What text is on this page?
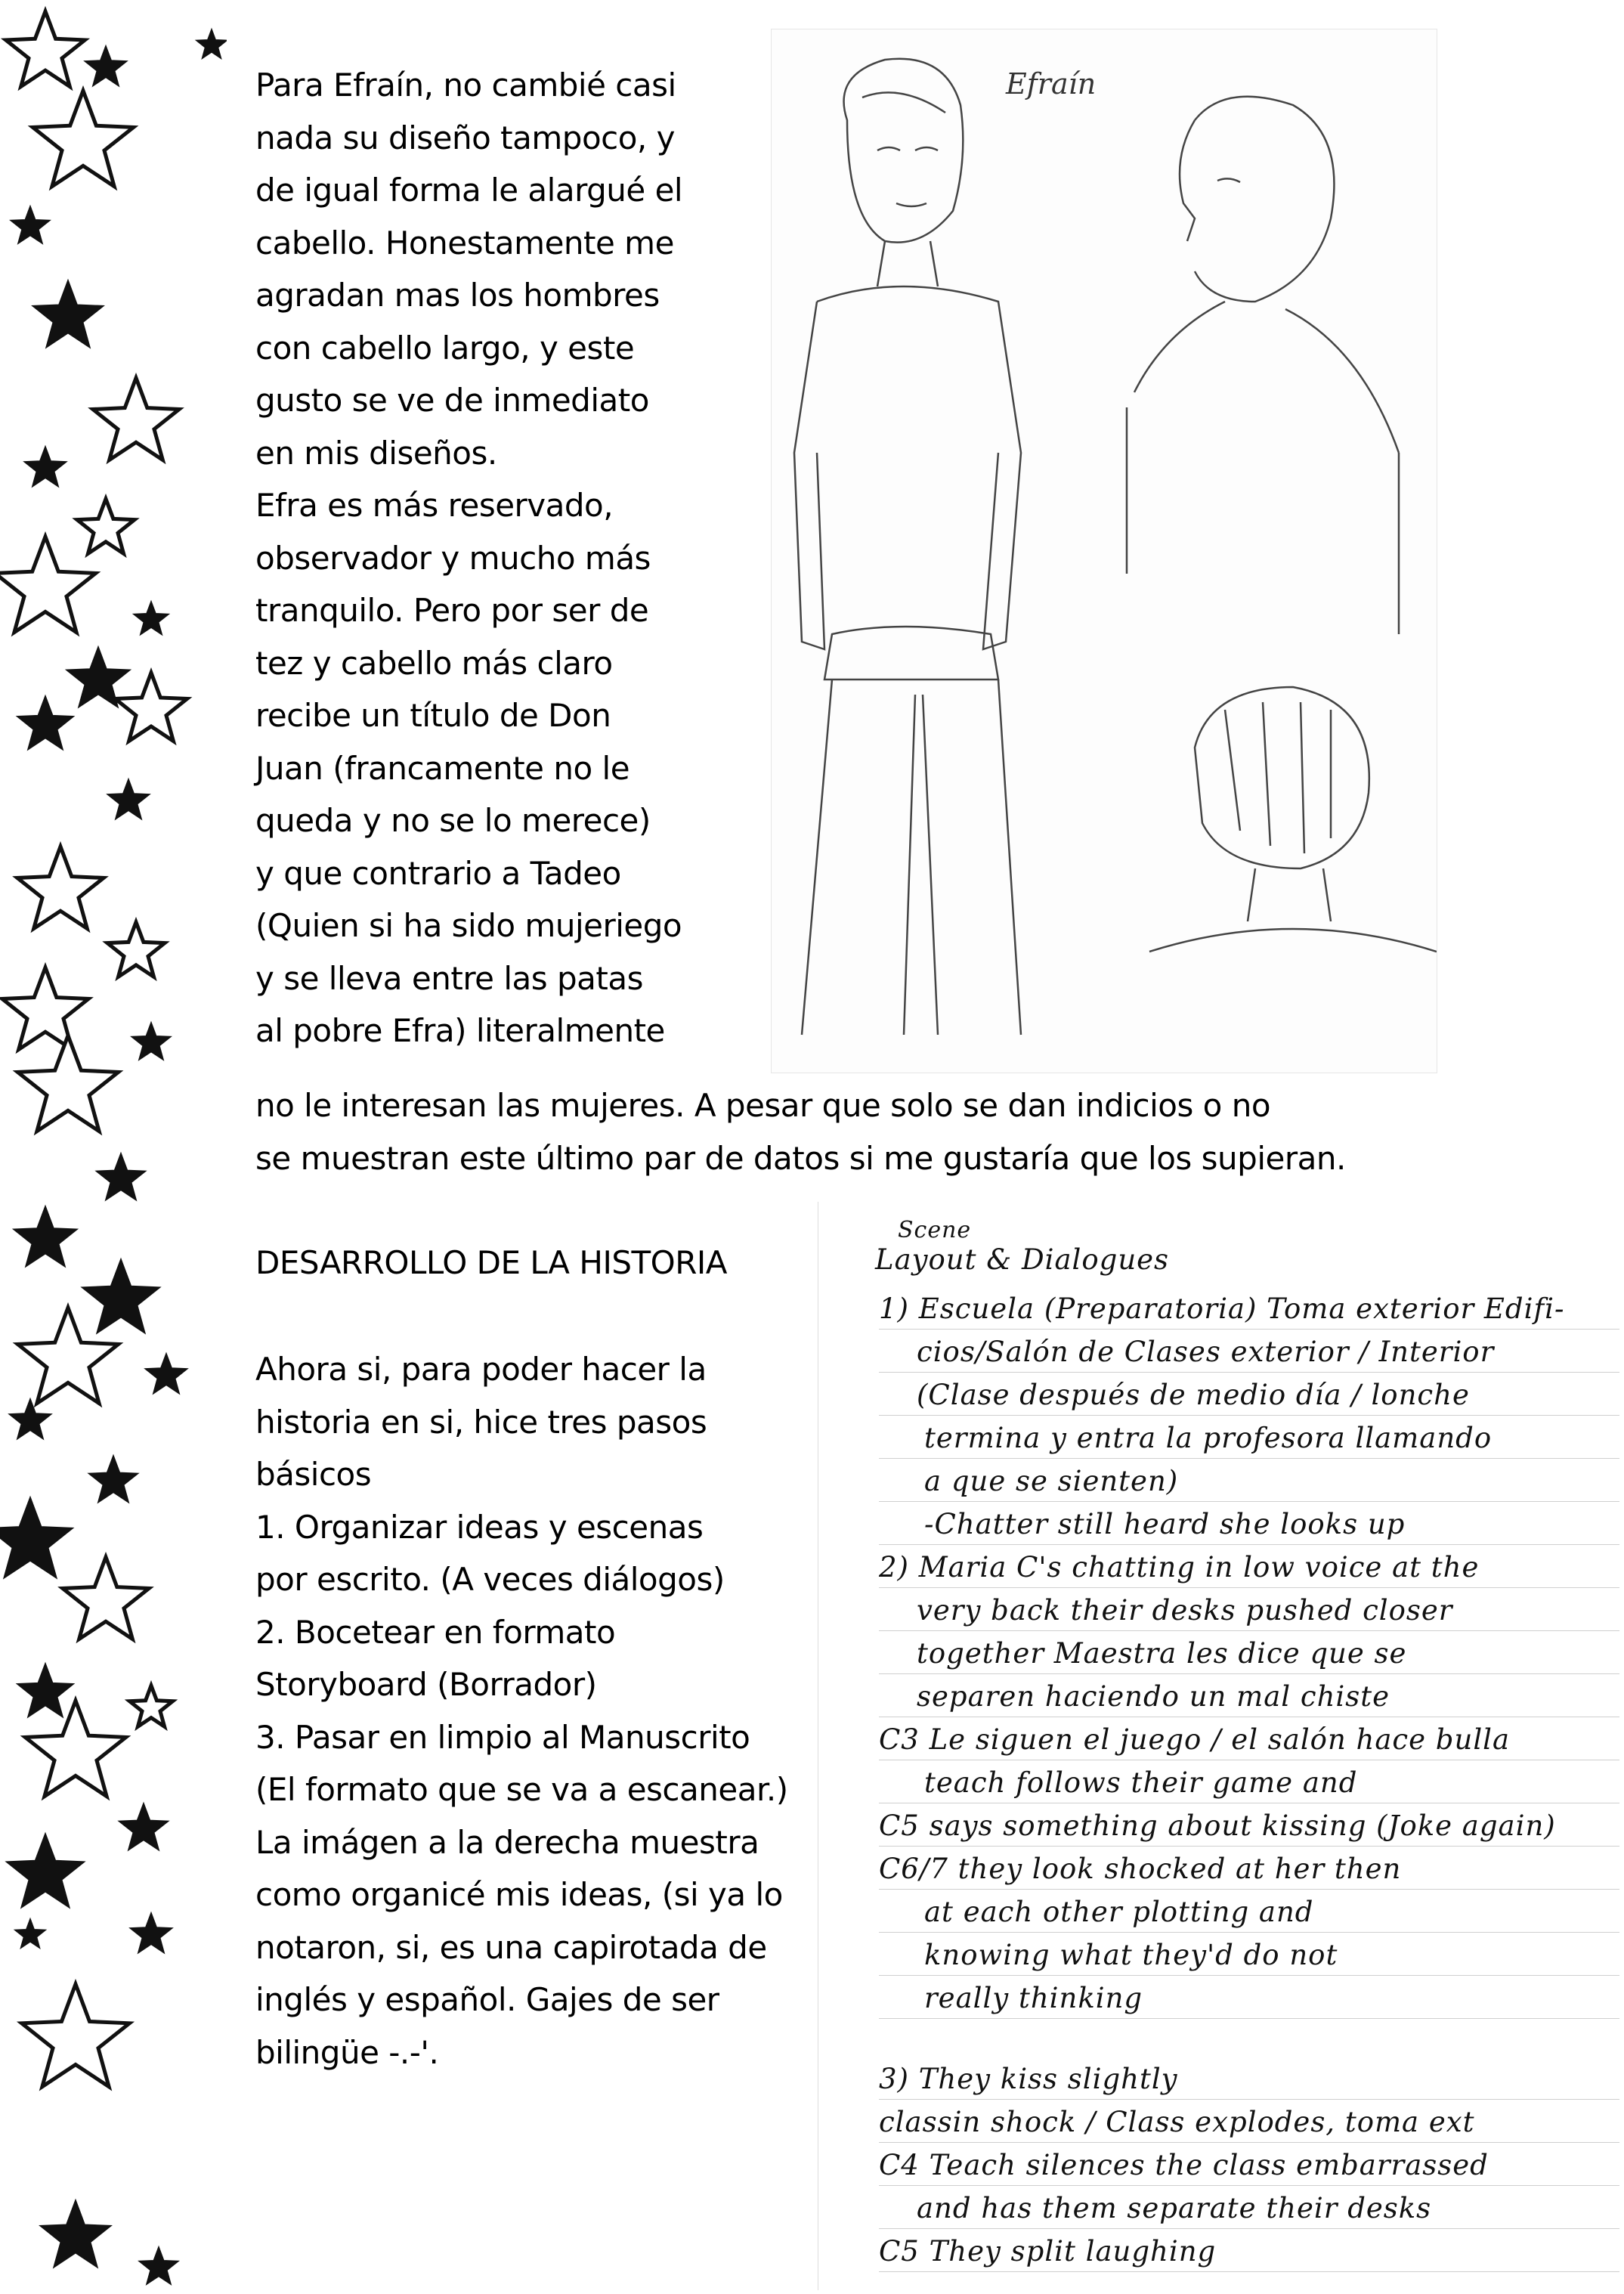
Para Efraín, no cambié casi
nada su diseño tampoco, y
de igual forma le alargué el
cabello. Honestamente me
agradan mas los hombres
con cabello largo, y este
gusto se ve de inmediato
en mis diseños.
Efra es más reservado,
observador y mucho más
tranquilo. Pero por ser de
tez y cabello más claro
recibe un título de Don
Juan (francamente no le
queda y no se lo merece)
y que contrario a Tadeo
(Quien si ha sido mujeriego
y se lleva entre las patas
al pobre Efra) literalmente
Efraín
no le interesan las mujeres. A pesar que solo se dan indicios o no
se muestran este último par de datos si me gustaría que los supieran.
DESARROLLO DE LA HISTORIA
Ahora si, para poder hacer la
historia en si, hice tres pasos
básicos
1. Organizar ideas y escenas
por escrito. (A veces diálogos)
2. Bocetear en formato
Storyboard (Borrador)
3. Pasar en limpio al Manuscrito
(El formato que se va a escanear.)
La imágen a la derecha muestra
como organicé mis ideas, (si ya lo
notaron, si, es una capirotada de
inglés y español. Gajes de ser
bilingüe -.-'.
Scene
Layout & Dialogues
1) Escuela (Preparatoria) Toma exterior Edifi-
cios/Salón de Clases exterior / Interior
(Clase después de medio día / lonche
termina y entra la profesora llamando
a que se sienten)
-Chatter still heard she looks up
2) Maria C's chatting in low voice at the
very back their desks pushed closer
together Maestra les dice que se
separen haciendo un mal chiste
C3 Le siguen el juego / el salón hace bulla
teach follows their game and
C5 says something about kissing (Joke again)
C6/7 they look shocked at her then
at each other plotting and
knowing what they'd do not
really thinking
3) They kiss slightly
classin shock / Class explodes, toma ext
C4 Teach silences the class embarrassed
and has them separate their desks
C5 They split laughing
